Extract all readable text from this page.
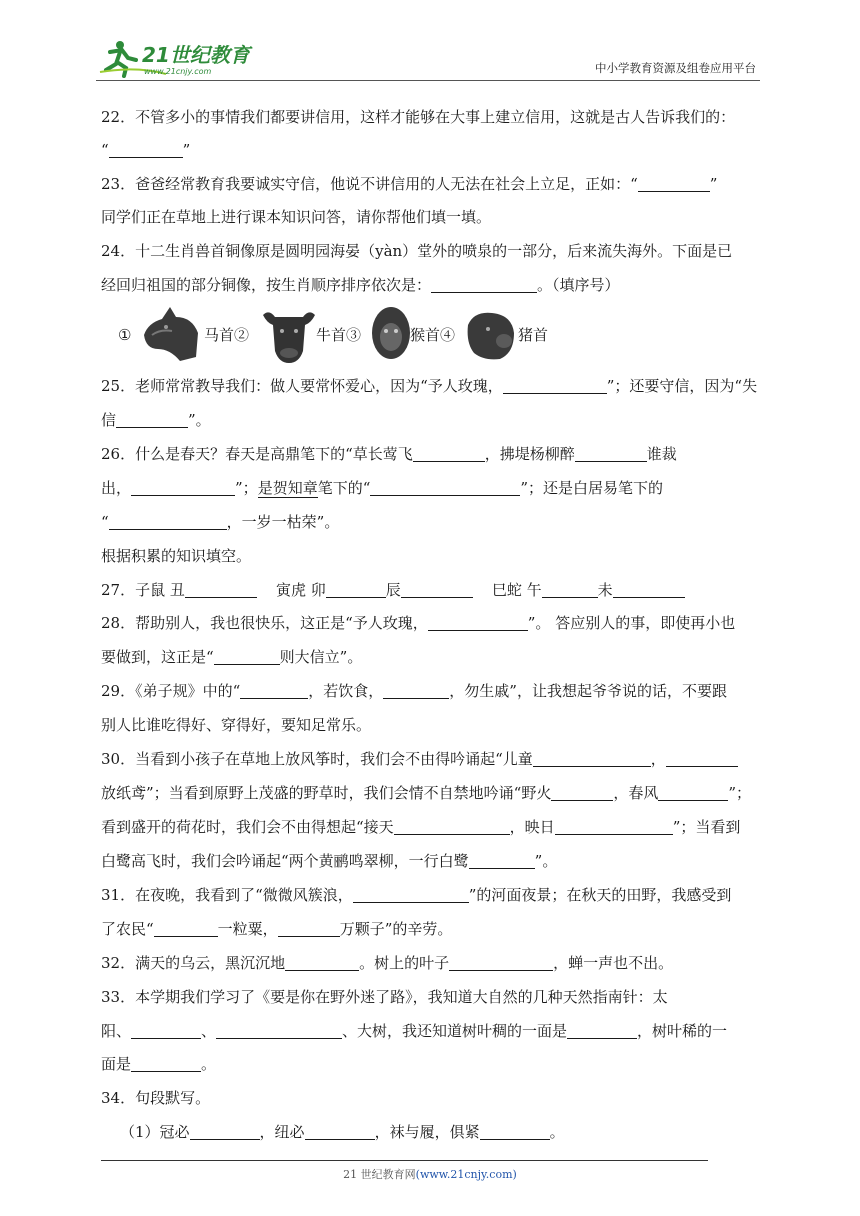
21世纪教育
www.21cnjy.com	中小学教育资源及组卷应用平台
22．不管多小的事情我们都要讲信用，这样才能够在大事上建立信用，这就是古人告诉我们的：
“	”
23．爸爸经常教育我要诚实守信，他说不讲信用的人无法在社会上立足，正如：“	”
同学们正在草地上进行课本知识问答，请你帮他们填一填。
24．十二生肖兽首铜像原是圆明园海晏（yàn）堂外的喷泉的一部分，后来流失海外。下面是已
经回归祖国的部分铜像，按生肖顺序排序依次是：	。（填序号）
①	马首②	牛首③	猴首④	猪首
25．老师常常教导我们：做人要常怀爱心，因为“予人玫瑰，	”；还要守信，因为“失
信	”。
26．什么是春天？春天是高鼎笔下的“草长莺飞	，拂堤杨柳醉	谁裁
出，	”；是贺知章笔下的“	”；还是白居易笔下的
“	，一岁一枯荣”。
根据积累的知识填空。
27．子鼠 丑	寅虎 卯	辰	巳蛇 午	未
28．帮助别人，我也很快乐，这正是“予人玫瑰，	”。 答应别人的事，即使再小也
要做到，这正是“	则大信立”。
29．《弟子规》中的“	，若饮食，	，勿生戚”，让我想起爷爷说的话，不要跟
别人比谁吃得好、穿得好，要知足常乐。
30．当看到小孩子在草地上放风筝时，我们会不由得吟诵起“儿童	，
放纸鸢”；当看到原野上茂盛的野草时，我们会情不自禁地吟诵“野火	，春风	”；
看到盛开的荷花时，我们会不由得想起“接天	，映日	”；当看到
白鹭高飞时，我们会吟诵起“两个黄鹂鸣翠柳，一行白鹭	”。
31．在夜晚，我看到了“微微风簇浪，	”的河面夜景；在秋天的田野，我感受到
了农民“	一粒粟，	万颗子”的辛劳。
32．满天的乌云，黑沉沉地	。树上的叶子	，蝉一声也不出。
33．本学期我们学习了《要是你在野外迷了路》，我知道大自然的几种天然指南针：太
阳、	、	、大树，我还知道树叶稠的一面是	，树叶稀的一
面是	。
34．句段默写。
（1）冠必	，纽必	，袜与履，俱紧	。
21 世纪教育网(www.21cnjy.com)
